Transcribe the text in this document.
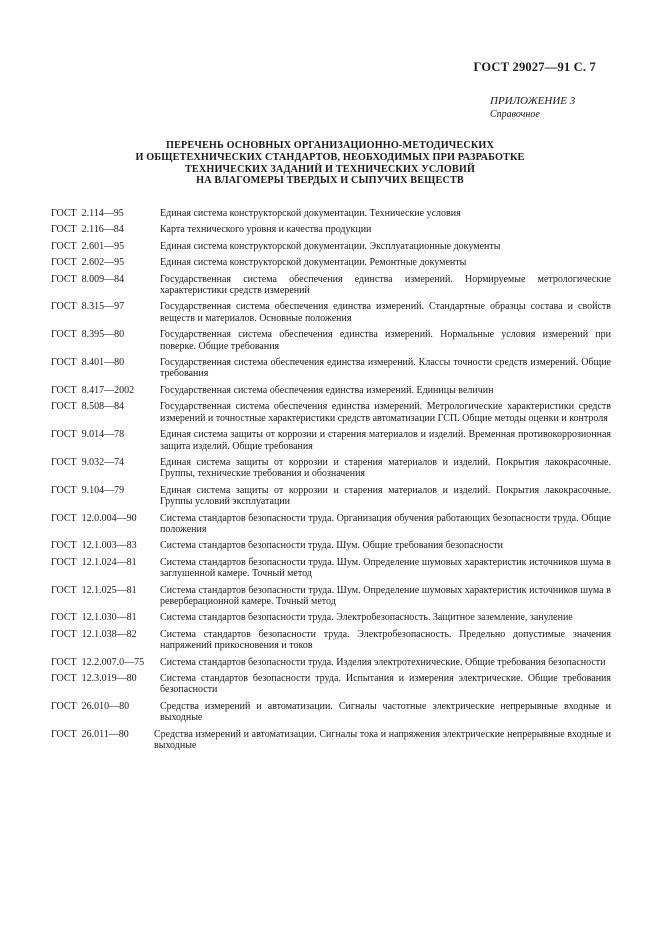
ГОСТ 29027—91 С. 7
ПРИЛОЖЕНИЕ 3
Справочное
ПЕРЕЧЕНЬ ОСНОВНЫХ ОРГАНИЗАЦИОННО-МЕТОДИЧЕСКИХ
И ОБЩЕТЕХНИЧЕСКИХ СТАНДАРТОВ, НЕОБХОДИМЫХ ПРИ РАЗРАБОТКЕ
ТЕХНИЧЕСКИХ ЗАДАНИЙ И ТЕХНИЧЕСКИХ УСЛОВИЙ
НА ВЛАГОМЕРЫ ТВЕРДЫХ И СЫПУЧИХ ВЕЩЕСТВ
ГОСТ  2.114—95	Единая система конструкторской документации. Технические условия
ГОСТ  2.116—84	Карта технического уровня и качества продукции
ГОСТ  2.601—95	Единая система конструкторской документации. Эксплуатационные документы
ГОСТ  2.602—95	Единая система конструкторской документации. Ремонтные документы
ГОСТ  8.009—84	Государственная система обеспечения единства измерений. Нормируемые метрологические характеристики средств измерений
ГОСТ  8.315—97	Государственная система обеспечения единства измерений. Стандартные образцы состава и свойств веществ и материалов. Основные положения
ГОСТ  8.395—80	Государственная система обеспечения единства измерений. Нормальные условия измерений при поверке. Общие требования
ГОСТ  8.401—80	Государственная система обеспечения единства измерений. Классы точности средств измерений. Общие требования
ГОСТ  8.417—2002	Государственная система обеспечения единства измерений. Единицы величин
ГОСТ  8.508—84	Государственная система обеспечения единства измерений. Метрологические характеристики средств измерений и точностные характеристики средств автоматизации ГСП. Общие методы оценки и контроля
ГОСТ  9.014—78	Единая система защиты от коррозии и старения материалов и изделий. Временная противокоррозионная защита изделий. Общие требования
ГОСТ  9.032—74	Единая система защиты от коррозии и старения материалов и изделий. Покрытия лакокрасочные. Группы, технические требования и обозначения
ГОСТ  9.104—79	Единая система защиты от коррозии и старения материалов и изделий. Покрытия лакокрасочные. Группы условий эксплуатации
ГОСТ  12.0.004—90	Система стандартов безопасности труда. Организация обучения работающих безопасности труда. Общие положения
ГОСТ  12.1.003—83	Система стандартов безопасности труда. Шум. Общие требования безопасности
ГОСТ  12.1.024—81	Система стандартов безопасности труда. Шум. Определение шумовых характеристик источников шума в заглушенной камере. Точный метод
ГОСТ  12.1.025—81	Система стандартов безопасности труда. Шум. Определение шумовых характеристик источников шума в реверберационной камере. Точный метод
ГОСТ  12.1.030—81	Система стандартов безопасности труда. Электробезопасность. Защитное заземление, зануление
ГОСТ  12.1.038—82	Система стандартов безопасности труда. Электробезопасность. Предельно допустимые значения напряжений прикосновения и токов
ГОСТ  12.2.007.0—75	Система стандартов безопасности труда. Изделия электротехнические. Общие требования безопасности
ГОСТ  12.3.019—80	Система стандартов безопасности труда. Испытания и измерения электрические. Общие требования безопасности
ГОСТ  26.010—80	Средства измерений и автоматизации. Сигналы частотные электрические непрерывные входные и выходные
ГОСТ  26.011—80	Средства измерений и автоматизации. Сигналы тока и напряжения электрические непрерывные входные и выходные
